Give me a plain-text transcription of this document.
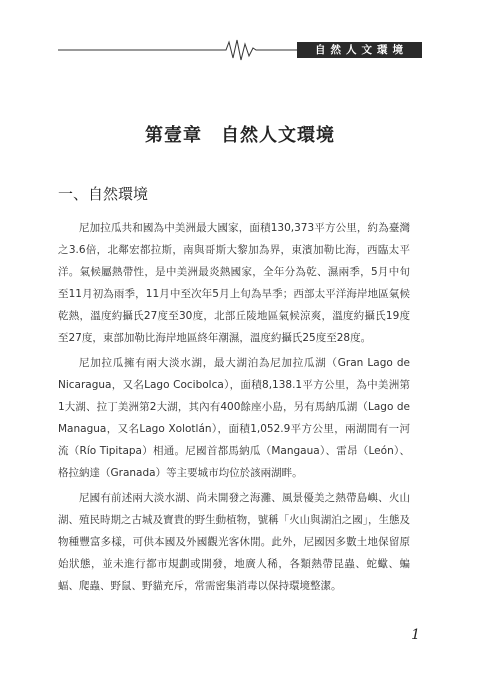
自然人文環境
第壹章　自然人文環境
一、自然環境

尼加拉瓜共和國為中美洲最大國家，面積130,373平方公里，約為臺灣之3.6倍，北鄰宏都拉斯，南與哥斯大黎加為界，東濱加勒比海，西臨太平洋。氣候屬熱帶性，是中美洲最炎熱國家，全年分為乾、濕兩季，5月中旬至11月初為雨季，11月中至次年5月上旬為旱季；西部太平洋海岸地區氣候乾熱，溫度約攝氏27度至30度，北部丘陵地區氣候涼爽，溫度約攝氏19度至27度，東部加勒比海岸地區終年潮濕，溫度約攝氏25度至28度。

尼加拉瓜擁有兩大淡水湖，最大湖泊為尼加拉瓜湖（Gran Lago de Nicaragua，又名Lago Cocibolca），面積8,138.1平方公里，為中美洲第1大湖、拉丁美洲第2大湖，其內有400餘座小島，另有馬納瓜湖（Lago de Managua，又名Lago Xolotlán），面積1,052.9平方公里，兩湖間有一河流（Río Tipitapa）相通。尼國首都馬納瓜（Mangaua）、雷昂（León）、格拉納達（Granada）等主要城市均位於該兩湖畔。

尼國有前述兩大淡水湖、尚未開發之海灘、風景優美之熱帶島嶼、火山湖、殖民時期之古城及寶貴的野生動植物，號稱「火山與湖泊之國」，生態及物種豐富多樣，可供本國及外國觀光客休閒。此外，尼國因多數土地保留原始狀態，並未進行都市規劃或開發，地廣人稀，各類熱帶昆蟲、蛇蠍、蝙蝠、爬蟲、野鼠、野貓充斥，常需密集消毒以保持環境整潔。

1
